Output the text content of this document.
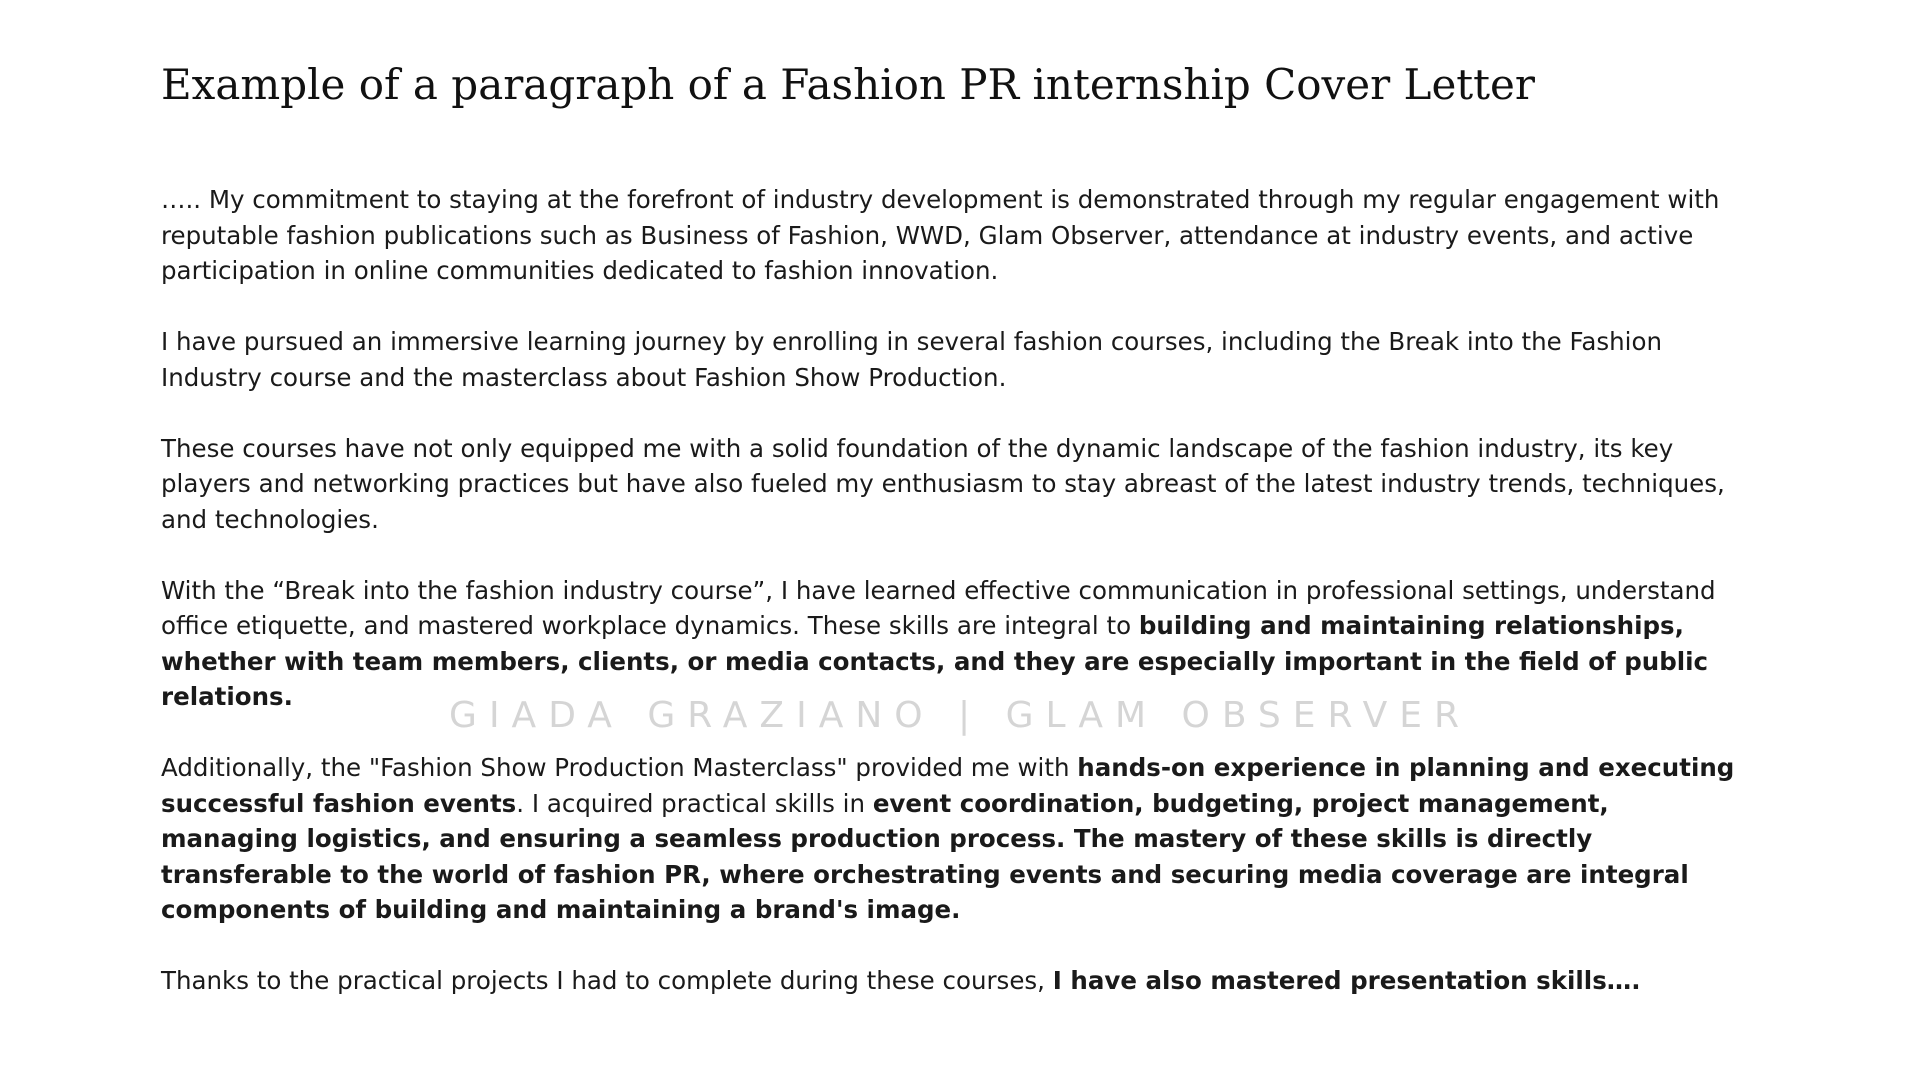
Example of a paragraph of a Fashion PR internship Cover Letter

….. My commitment to staying at the forefront of industry development is demonstrated through my regular engagement with reputable fashion publications such as Business of Fashion, WWD, Glam Observer, attendance at industry events, and active participation in online communities dedicated to fashion innovation.

I have pursued an immersive learning journey by enrolling in several fashion courses, including the Break into the Fashion Industry course and the masterclass about Fashion Show Production.

These courses have not only equipped me with a solid foundation of the dynamic landscape of the fashion industry, its key players and networking practices but have also fueled my enthusiasm to stay abreast of the latest industry trends, techniques, and technologies.

With the “Break into the fashion industry course”, I have learned effective communication in professional settings, understand office etiquette, and mastered workplace dynamics. These skills are integral to building and maintaining relationships, whether with team members, clients, or media contacts, and they are especially important in the field of public relations.

Additionally, the "Fashion Show Production Masterclass" provided me with hands-on experience in planning and executing successful fashion events. I acquired practical skills in event coordination, budgeting, project management, managing logistics, and ensuring a seamless production process. The mastery of these skills is directly transferable to the world of fashion PR, where orchestrating events and securing media coverage are integral components of building and maintaining a brand's image.

Thanks to the practical projects I had to complete during these courses, I have also mastered presentation skills….

GIADA GRAZIANO | GLAM OBSERVER
